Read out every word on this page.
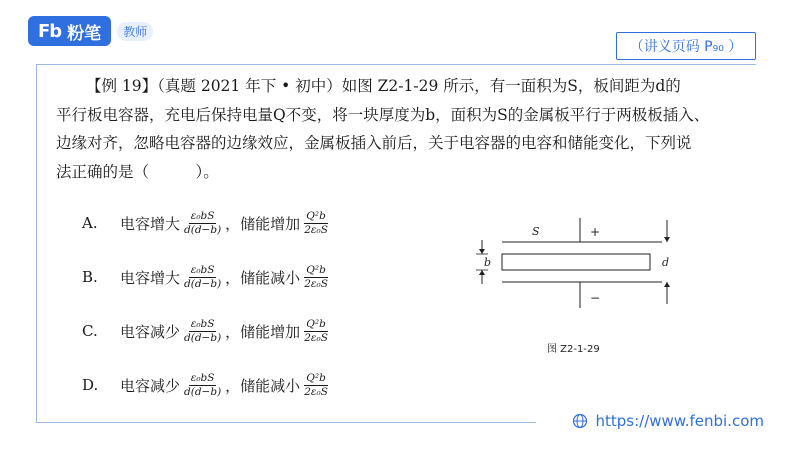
Fb 粉笔	教师
（讲义页码 P₉₀ ）

【例 19】（真题 2021 年下 • 初中）如图 Z2-1-29 所示，有一面积为S，板间距为d的

平行板电容器，充电后保持电量Q不变，将一块厚度为b，面积为S的金属板平行于两极板插入、

边缘对齐，忽略电容器的边缘效应，金属板插入前后，关于电容器的电容和储能变化，下列说

法正确的是（　　　）。

A.	电容增大 $\frac{\text{ε₀bS}}{d(d-b)}$ ，储能增加 $\frac{\text{Q²b}}{\text{2ε₀S}}$
B.	电容增大 $\frac{\text{ε₀bS}}{d(d-b)}$ ，储能减小 $\frac{\text{Q²b}}{\text{2ε₀S}}$
C.	电容减少 $\frac{\text{ε₀bS}}{d(d-b)}$ ，储能增加 $\frac{\text{Q²b}}{\text{2ε₀S}}$
D.	电容减少 $\frac{\text{ε₀bS}}{d(d-b)}$ ，储能减小 $\frac{\text{Q²b}}{\text{2ε₀S}}$
S	+
−
b	d
图 Z2-1-29
https://www.fenbi.com
